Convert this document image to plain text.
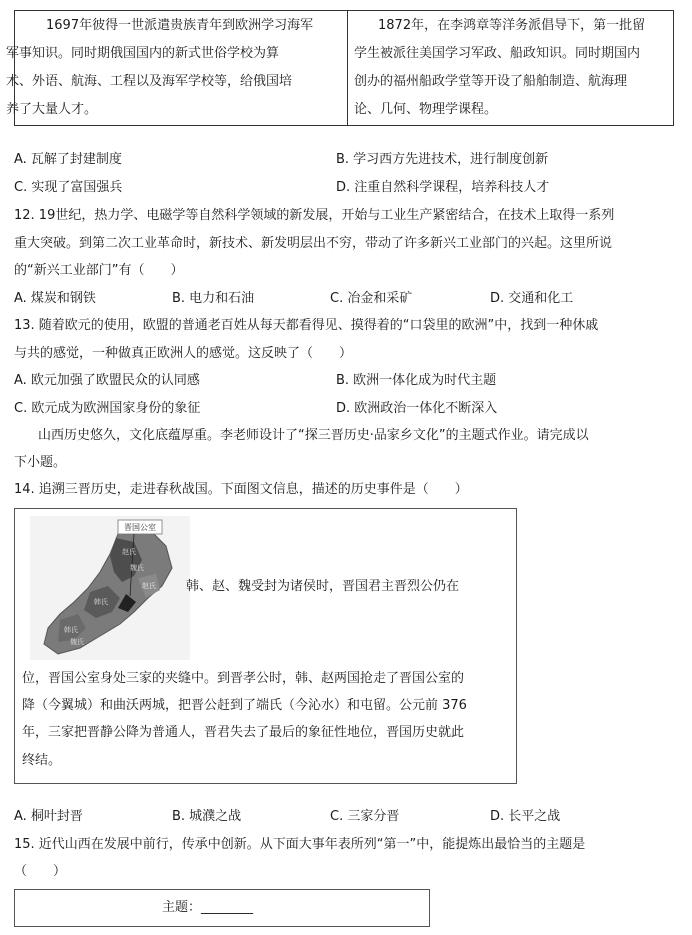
1697年彼得一世派遣贵族青年到欧洲学习海军
军事知识。同时期俄国国内的新式世俗学校为算
术、外语、航海、工程以及海军学校等，给俄国培
养了大量人才。
1872年，在李鸿章等洋务派倡导下，第一批留
学生被派往美国学习军政、船政知识。同时期国内
创办的福州船政学堂等开设了船舶制造、航海理
论、几何、物理学课程。
A. 瓦解了封建制度	B. 学习西方先进技术，进行制度创新
C. 实现了富国强兵	D. 注重自然科学课程，培养科技人才
12. 19世纪，热力学、电磁学等自然科学领域的新发展，开始与工业生产紧密结合，在技术上取得一系列
重大突破。到第二次工业革命时，新技术、新发明层出不穷，带动了许多新兴工业部门的兴起。这里所说
的“新兴工业部门”有（　　）
A. 煤炭和钢铁	B. 电力和石油	C. 冶金和采矿	D. 交通和化工
13. 随着欧元的使用，欧盟的普通老百姓从每天都看得见、摸得着的“口袋里的欧洲”中，找到一种休戚
与共的感觉，一种做真正欧洲人的感觉。这反映了（　　）
A. 欧元加强了欧盟民众的认同感	B. 欧洲一体化成为时代主题
C. 欧元成为欧洲国家身份的象征	D. 欧洲政治一体化不断深入
山西历史悠久，文化底蕴厚重。李老师设计了“探三晋历史·品家乡文化”的主题式作业。请完成以
下小题。
14. 追溯三晋历史，走进春秋战国。下面图文信息，描述的历史事件是（　　）
晋国公室
赵氏
魏氏
韩氏
赵氏
韩氏
魏氏
韩、赵、魏受封为诸侯时，晋国君主晋烈公仍在
位，晋国公室身处三家的夹缝中。到晋孝公时，韩、赵两国抢走了晋国公室的
降（今翼城）和曲沃两城，把晋公赶到了端氏（今沁水）和屯留。公元前 376
年，三家把晋静公降为普通人，晋君失去了最后的象征性地位，晋国历史就此
终结。
A. 桐叶封晋	B. 城濮之战	C. 三家分晋	D. 长平之战
15. 近代山西在发展中前行，传承中创新。从下面大事年表所列“第一”中，能提炼出最恰当的主题是
（　　）
主题：________
